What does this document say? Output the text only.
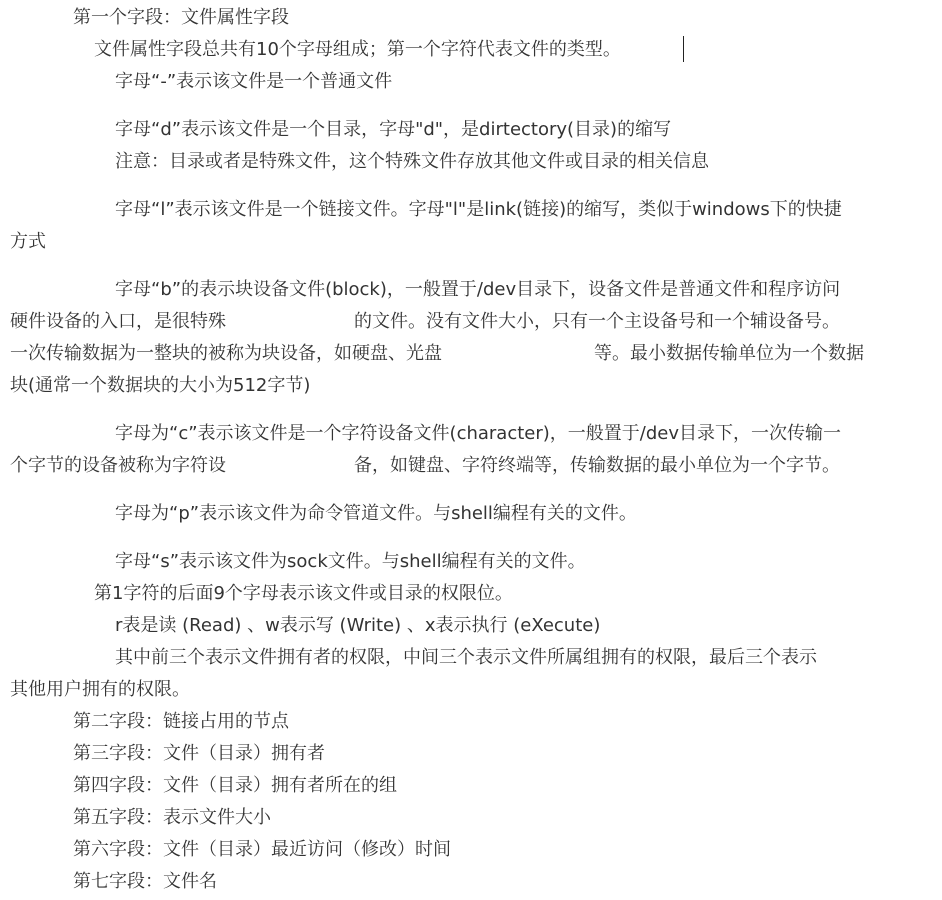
第一个字段：文件属性字段
文件属性字段总共有10个字母组成；第一个字符代表文件的类型。
字母“-”表示该文件是一个普通文件
字母“d”表示该文件是一个目录，字母"d"，是dirtectory(目录)的缩写
注意：目录或者是特殊文件，这个特殊文件存放其他文件或目录的相关信息
字母“l”表示该文件是一个链接文件。字母"l"是link(链接)的缩写，类似于windows下的快捷
方式
字母“b”的表示块设备文件(block)，一般置于/dev目录下，设备文件是普通文件和程序访问
硬件设备的入口，是很特殊	的文件。没有文件大小，只有一个主设备号和一个辅设备号。
一次传输数据为一整块的被称为块设备，如硬盘、光盘	等。最小数据传输单位为一个数据
块(通常一个数据块的大小为512字节)
字母为“c”表示该文件是一个字符设备文件(character)，一般置于/dev目录下，一次传输一
个字节的设备被称为字符设	备，如键盘、字符终端等，传输数据的最小单位为一个字节。
字母为“p”表示该文件为命令管道文件。与shell编程有关的文件。
字母“s”表示该文件为sock文件。与shell编程有关的文件。
第1字符的后面9个字母表示该文件或目录的权限位。
r表是读 (Read) 、w表示写 (Write) 、x表示执行 (eXecute)
其中前三个表示文件拥有者的权限，中间三个表示文件所属组拥有的权限，最后三个表示
其他用户拥有的权限。
第二字段：链接占用的节点
第三字段：文件（目录）拥有者
第四字段：文件（目录）拥有者所在的组
第五字段：表示文件大小
第六字段：文件（目录）最近访问（修改）时间
第七字段：文件名
